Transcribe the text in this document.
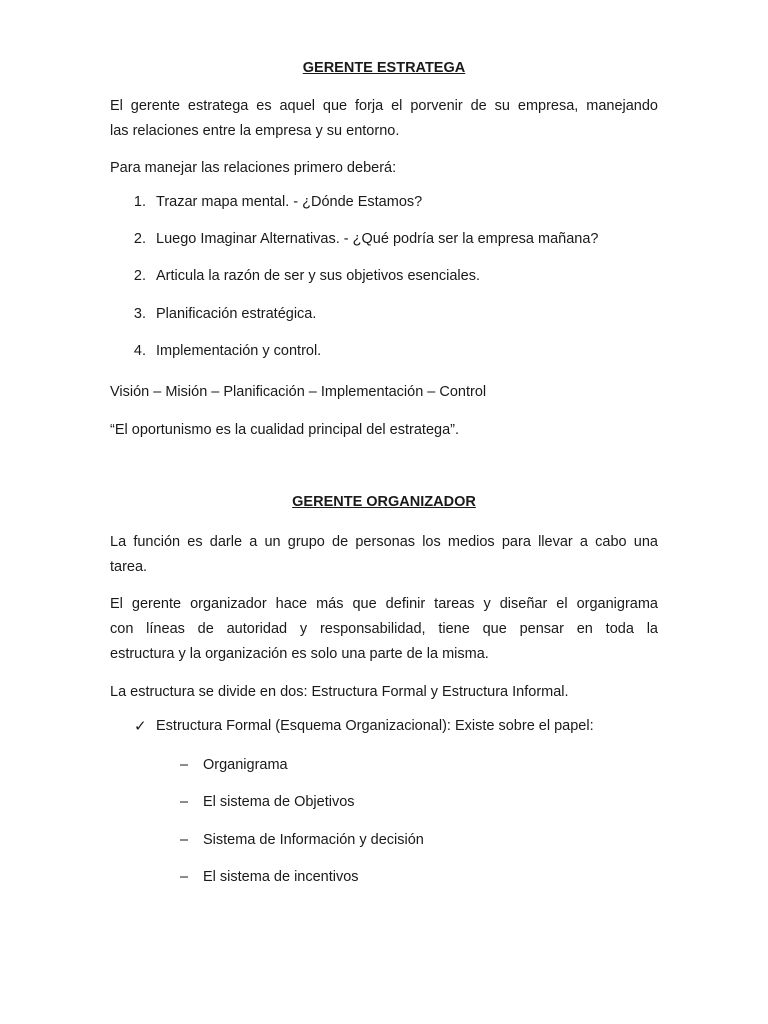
GERENTE ESTRATEGA
El gerente estratega es aquel que forja el porvenir de su empresa, manejando
las relaciones entre la empresa y su entorno.
Para manejar las relaciones primero deberá:
1. Trazar mapa mental. - ¿Dónde Estamos?
2. Luego Imaginar Alternativas. - ¿Qué podría ser la empresa mañana?
2. Articula la razón de ser y sus objetivos esenciales.
3. Planificación estratégica.
4. Implementación y control.
Visión – Misión – Planificación – Implementación – Control
“El oportunismo es la cualidad principal del estratega”.
GERENTE ORGANIZADOR
La función es darle a un grupo de personas los medios para llevar a cabo una
tarea.
El gerente organizador hace más que definir tareas y diseñar el organigrama
con líneas de autoridad y responsabilidad, tiene que pensar en toda la
estructura y la organización es solo una parte de la misma.
La estructura se divide en dos: Estructura Formal y Estructura Informal.
✓ Estructura Formal (Esquema Organizacional): Existe sobre el papel:
– Organigrama
– El sistema de Objetivos
– Sistema de Información y decisión
– El sistema de incentivos
